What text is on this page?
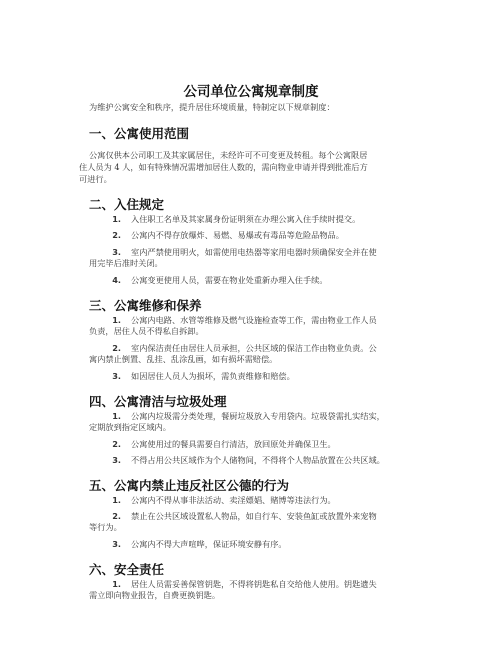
公司单位公寓规章制度
为维护公寓安全和秩序，提升居住环境质量，特制定以下规章制度：
一、公寓使用范围
公寓仅供本公司职工及其家属居住，未经许可不可变更及转租。每个公寓限居
住人员为 4 人，如有特殊情况需增加居住人数的，需向物业申请并得到批准后方
可进行。
二、入住规定
1. 入住职工名单及其家属身份证明须在办理公寓入住手续时提交。
2. 公寓内不得存放爆炸、易燃、易爆或有毒品等危险品物品。
3. 室内严禁使用明火，如需使用电热器等家用电器时须确保安全并在使
用完毕后准时关闭。
4. 公寓变更使用人员，需要在物业处重新办理入住手续。
三、公寓维修和保养
1. 公寓内电路、水管等维修及燃气设施检查等工作，需由物业工作人员
负责，居住人员不得私自拆卸。
2. 室内保洁责任由居住人员承担，公共区域的保洁工作由物业负责。公
寓内禁止倒置、乱挂、乱涂乱画，如有损坏需赔偿。
3. 如因居住人员人为损坏，需负责维修和赔偿。
四、公寓清洁与垃圾处理
1. 公寓内垃圾需分类处理，餐厨垃圾放入专用袋内。垃圾袋需扎实结实，
定期放到指定区域内。
2. 公寓使用过的餐具需要自行清洁，放回原处并确保卫生。
3. 不得占用公共区域作为个人储物间，不得将个人物品放置在公共区域。
五、公寓内禁止违反社区公德的行为
1. 公寓内不得从事非法活动、卖淫嫖娼、赌博等违法行为。
2. 禁止在公共区域设置私人物品，如自行车、安装鱼缸或放置外来宠物
等行为。
3. 公寓内不得大声喧哗，保证环境安静有序。
六、安全责任
1. 居住人员需妥善保管钥匙，不得将钥匙私自交给他人使用。钥匙遗失
需立即向物业报告，自费更换钥匙。
